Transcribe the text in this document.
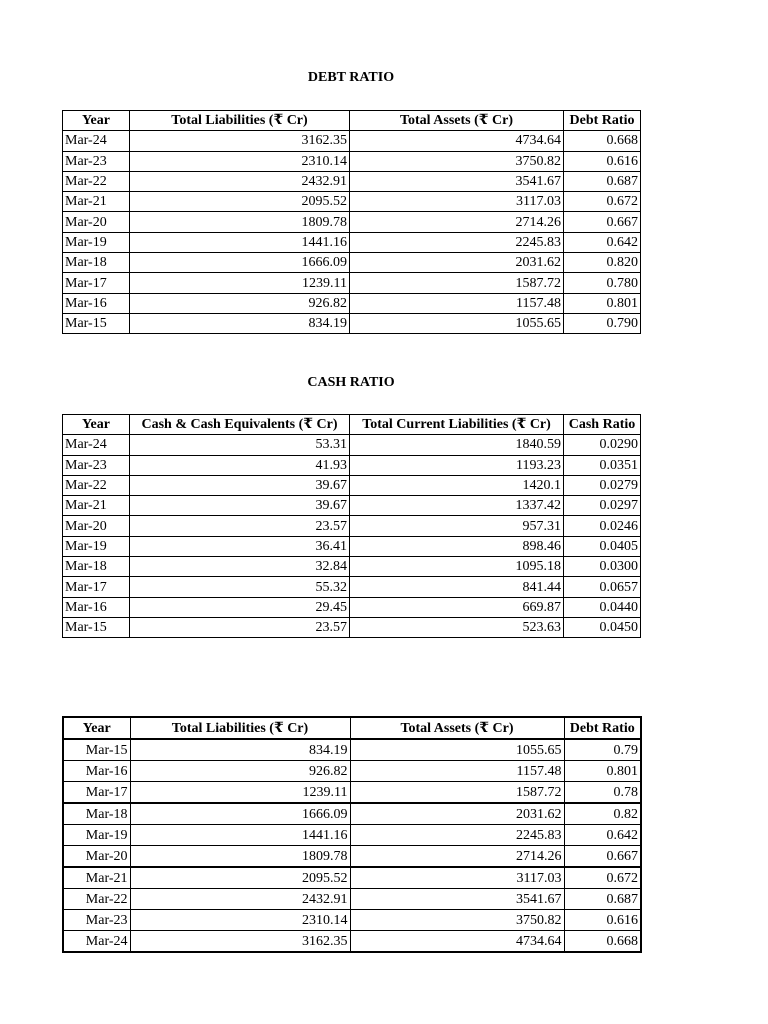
DEBT RATIO
Year	Total Liabilities (₹ Cr)	Total Assets (₹ Cr)	Debt Ratio
Mar-24	3162.35	4734.64	0.668
Mar-23	2310.14	3750.82	0.616
Mar-22	2432.91	3541.67	0.687
Mar-21	2095.52	3117.03	0.672
Mar-20	1809.78	2714.26	0.667
Mar-19	1441.16	2245.83	0.642
Mar-18	1666.09	2031.62	0.820
Mar-17	1239.11	1587.72	0.780
Mar-16	926.82	1157.48	0.801
Mar-15	834.19	1055.65	0.790
CASH RATIO
Year	Cash & Cash Equivalents (₹ Cr)	Total Current Liabilities (₹ Cr)	Cash Ratio
Mar-24	53.31	1840.59	0.0290
Mar-23	41.93	1193.23	0.0351
Mar-22	39.67	1420.1	0.0279
Mar-21	39.67	1337.42	0.0297
Mar-20	23.57	957.31	0.0246
Mar-19	36.41	898.46	0.0405
Mar-18	32.84	1095.18	0.0300
Mar-17	55.32	841.44	0.0657
Mar-16	29.45	669.87	0.0440
Mar-15	23.57	523.63	0.0450
Year	Total Liabilities (₹ Cr)	Total Assets (₹ Cr)	Debt Ratio
Mar-15	834.19	1055.65	0.79
Mar-16	926.82	1157.48	0.801
Mar-17	1239.11	1587.72	0.78
Mar-18	1666.09	2031.62	0.82
Mar-19	1441.16	2245.83	0.642
Mar-20	1809.78	2714.26	0.667
Mar-21	2095.52	3117.03	0.672
Mar-22	2432.91	3541.67	0.687
Mar-23	2310.14	3750.82	0.616
Mar-24	3162.35	4734.64	0.668
